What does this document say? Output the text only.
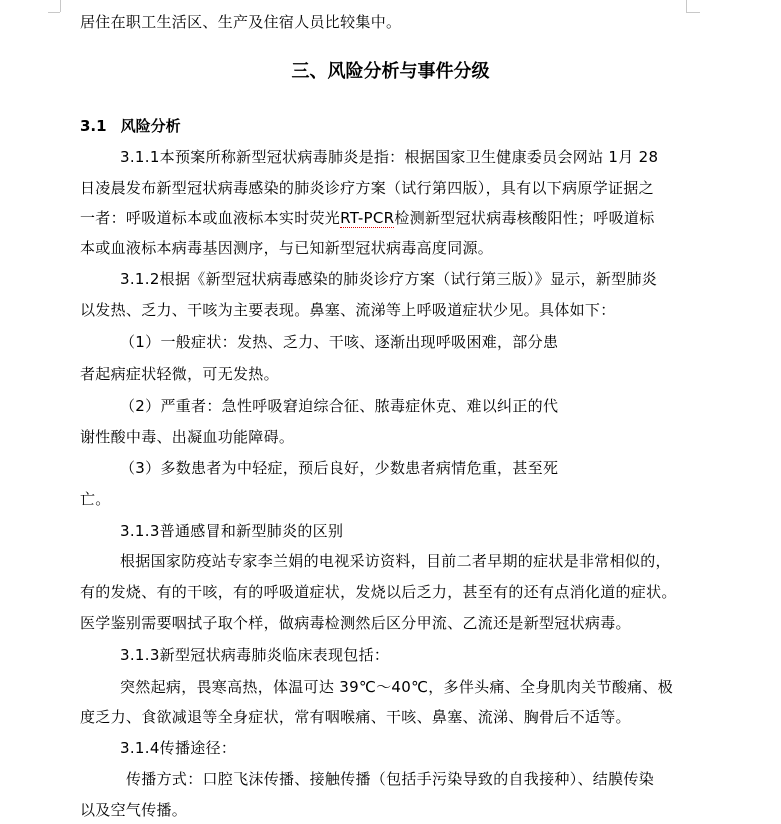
居住在职工生活区、生产及住宿人员比较集中。
三、风险分析与事件分级
3.1 风险分析
3.1.1本预案所称新型冠状病毒肺炎是指：根据国家卫生健康委员会网站 1月 28
日凌晨发布新型冠状病毒感染的肺炎诊疗方案（试行第四版），具有以下病原学证据之
一者：呼吸道标本或血液标本实时荧光RT-PCR检测新型冠状病毒核酸阳性；呼吸道标
本或血液标本病毒基因测序，与已知新型冠状病毒高度同源。
3.1.2根据《新型冠状病毒感染的肺炎诊疗方案（试行第三版）》显示，新型肺炎
以发热、乏力、干咳为主要表现。鼻塞、流涕等上呼吸道症状少见。具体如下：
（1）一般症状：发热、乏力、干咳、逐渐出现呼吸困难，部分患
者起病症状轻微，可无发热。
（2）严重者：急性呼吸窘迫综合征、脓毒症休克、难以纠正的代
谢性酸中毒、出凝血功能障碍。
（3）多数患者为中轻症，预后良好，少数患者病情危重，甚至死
亡。
3.1.3普通感冒和新型肺炎的区别
根据国家防疫站专家李兰娟的电视采访资料，目前二者早期的症状是非常相似的，
有的发烧、有的干咳，有的呼吸道症状，发烧以后乏力，甚至有的还有点消化道的症状。
医学鉴别需要咽拭子取个样，做病毒检测然后区分甲流、乙流还是新型冠状病毒。
3.1.3新型冠状病毒肺炎临床表现包括：
突然起病，畏寒高热，体温可达 39℃～40℃，多伴头痛、全身肌肉关节酸痛、极
度乏力、食欲减退等全身症状，常有咽喉痛、干咳、鼻塞、流涕、胸骨后不适等。
3.1.4传播途径：
传播方式：口腔飞沫传播、接触传播（包括手污染导致的自我接种）、结膜传染
以及空气传播。
